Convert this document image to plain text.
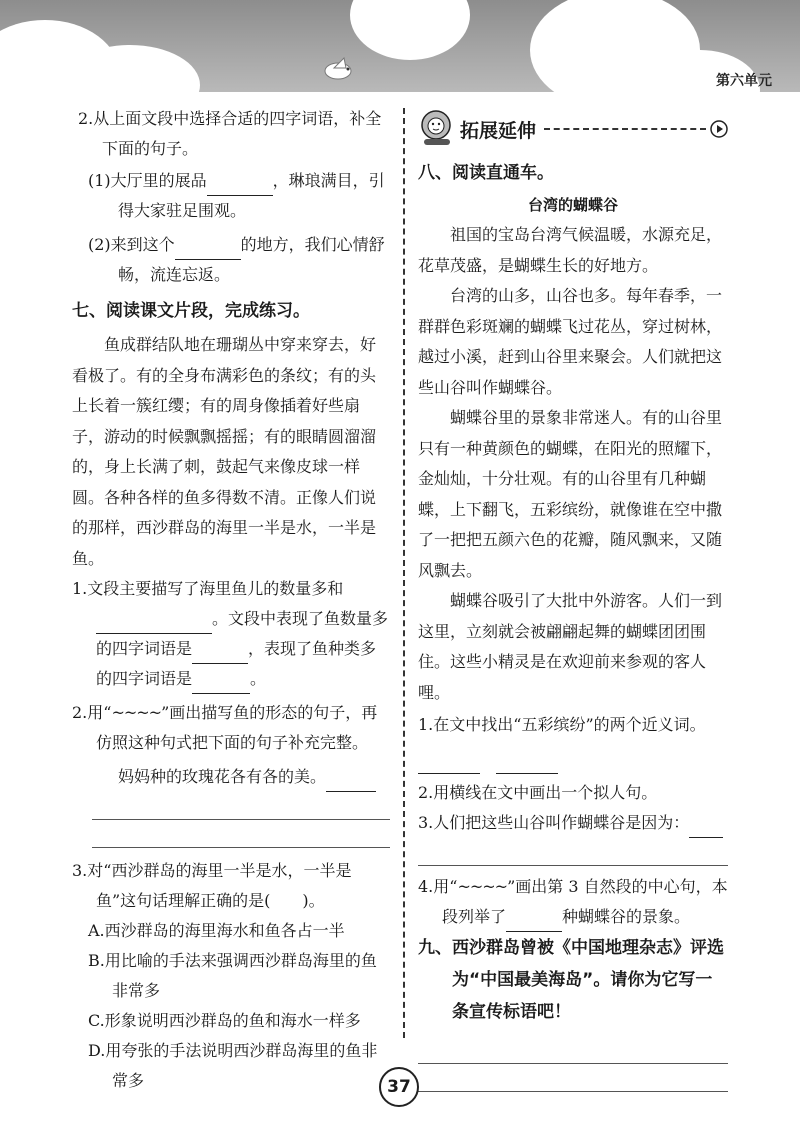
第六单元

2.从上面文段中选择合适的四字词语，补全下面的句子。

(1)大厅里的展品	，琳琅满目，引得大家驻足围观。

(2)来到这个	的地方，我们心情舒畅，流连忘返。

七、阅读课文片段，完成练习。

鱼成群结队地在珊瑚丛中穿来穿去，好看极了。有的全身布满彩色的条纹；有的头上长着一簇红缨；有的周身像插着好些扇子，游动的时候飘飘摇摇；有的眼睛圆溜溜的，身上长满了刺，鼓起气来像皮球一样圆。各种各样的鱼多得数不清。正像人们说的那样，西沙群岛的海里一半是水，一半是鱼。

1.文段主要描写了海里鱼儿的数量多和。文段中表现了鱼数量多的四字词语是	，表现了鱼种类多的四字词语是	。

2.用“~~~~”画出描写鱼的形态的句子，再仿照这种句式把下面的句子补充完整。

妈妈种的玫瑰花各有各的美。

3.对“西沙群岛的海里一半是水，一半是鱼”这句话理解正确的是(　　)。

A.西沙群岛的海里海水和鱼各占一半

B.用比喻的手法来强调西沙群岛海里的鱼非常多

C.形象说明西沙群岛的鱼和海水一样多

D.用夸张的手法说明西沙群岛海里的鱼非常多

拓展延伸

八、阅读直通车。

台湾的蝴蝶谷

祖国的宝岛台湾气候温暖，水源充足，花草茂盛，是蝴蝶生长的好地方。

台湾的山多，山谷也多。每年春季，一群群色彩斑斓的蝴蝶飞过花丛，穿过树林，越过小溪，赶到山谷里来聚会。人们就把这些山谷叫作蝴蝶谷。

蝴蝶谷里的景象非常迷人。有的山谷里只有一种黄颜色的蝴蝶，在阳光的照耀下，金灿灿，十分壮观。有的山谷里有几种蝴蝶，上下翻飞，五彩缤纷，就像谁在空中撒了一把把五颜六色的花瓣，随风飘来，又随风飘去。

蝴蝶谷吸引了大批中外游客。人们一到这里，立刻就会被翩翩起舞的蝴蝶团团围住。这些小精灵是在欢迎前来参观的客人哩。

1.在文中找出“五彩缤纷”的两个近义词。

2.用横线在文中画出一个拟人句。

3.人们把这些山谷叫作蝴蝶谷是因为：

4.用“~~~~”画出第 3 自然段的中心句，本段列举了	种蝴蝶谷的景象。

九、西沙群岛曾被《中国地理杂志》评选为“中国最美海岛”。请你为它写一条宣传标语吧！

37
